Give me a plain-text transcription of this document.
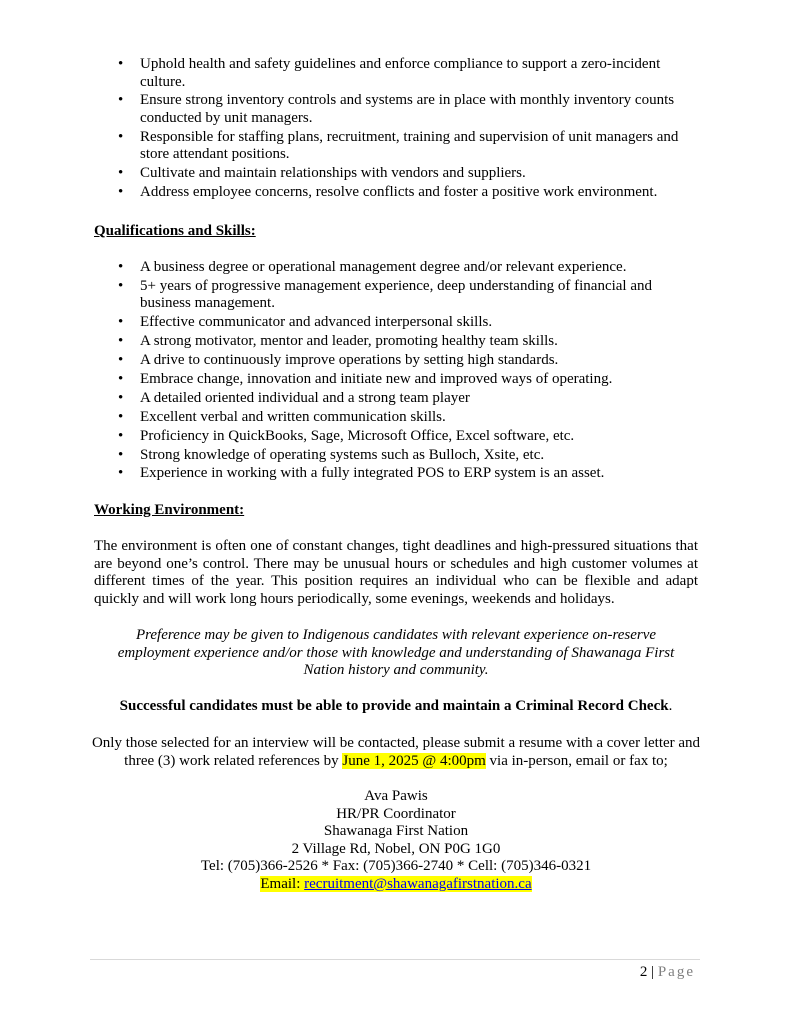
• Uphold health and safety guidelines and enforce compliance to support a zero-incident culture.
• Ensure strong inventory controls and systems are in place with monthly inventory counts conducted by unit managers.
• Responsible for staffing plans, recruitment, training and supervision of unit managers and store attendant positions.
• Cultivate and maintain relationships with vendors and suppliers.
• Address employee concerns, resolve conflicts and foster a positive work environment.
Qualifications and Skills:
• A business degree or operational management degree and/or relevant experience.
• 5+ years of progressive management experience, deep understanding of financial and business management.
• Effective communicator and advanced interpersonal skills.
• A strong motivator, mentor and leader, promoting healthy team skills.
• A drive to continuously improve operations by setting high standards.
• Embrace change, innovation and initiate new and improved ways of operating.
• A detailed oriented individual and a strong team player
• Excellent verbal and written communication skills.
• Proficiency in QuickBooks, Sage, Microsoft Office, Excel software, etc.
• Strong knowledge of operating systems such as Bulloch, Xsite, etc.
• Experience in working with a fully integrated POS to ERP system is an asset.
Working Environment:

The environment is often one of constant changes, tight deadlines and high-pressured situations that are beyond one’s control. There may be unusual hours or schedules and high customer volumes at different times of the year. This position requires an individual who can be flexible and adapt quickly and will work long hours periodically, some evenings, weekends and holidays.

Preference may be given to Indigenous candidates with relevant experience on-reserve employment experience and/or those with knowledge and understanding of Shawanaga First Nation history and community.

Successful candidates must be able to provide and maintain a Criminal Record Check.

Only those selected for an interview will be contacted, please submit a resume with a cover letter and three (3) work related references by June 1, 2025 @ 4:00pm via in-person, email or fax to;

Ava Pawis
HR/PR Coordinator
Shawanaga First Nation
2 Village Rd, Nobel, ON P0G 1G0
Tel: (705)366-2526 * Fax: (705)366-2740 * Cell: (705)346-0321
Email: recruitment@shawanagafirstnation.ca
2 | Page
